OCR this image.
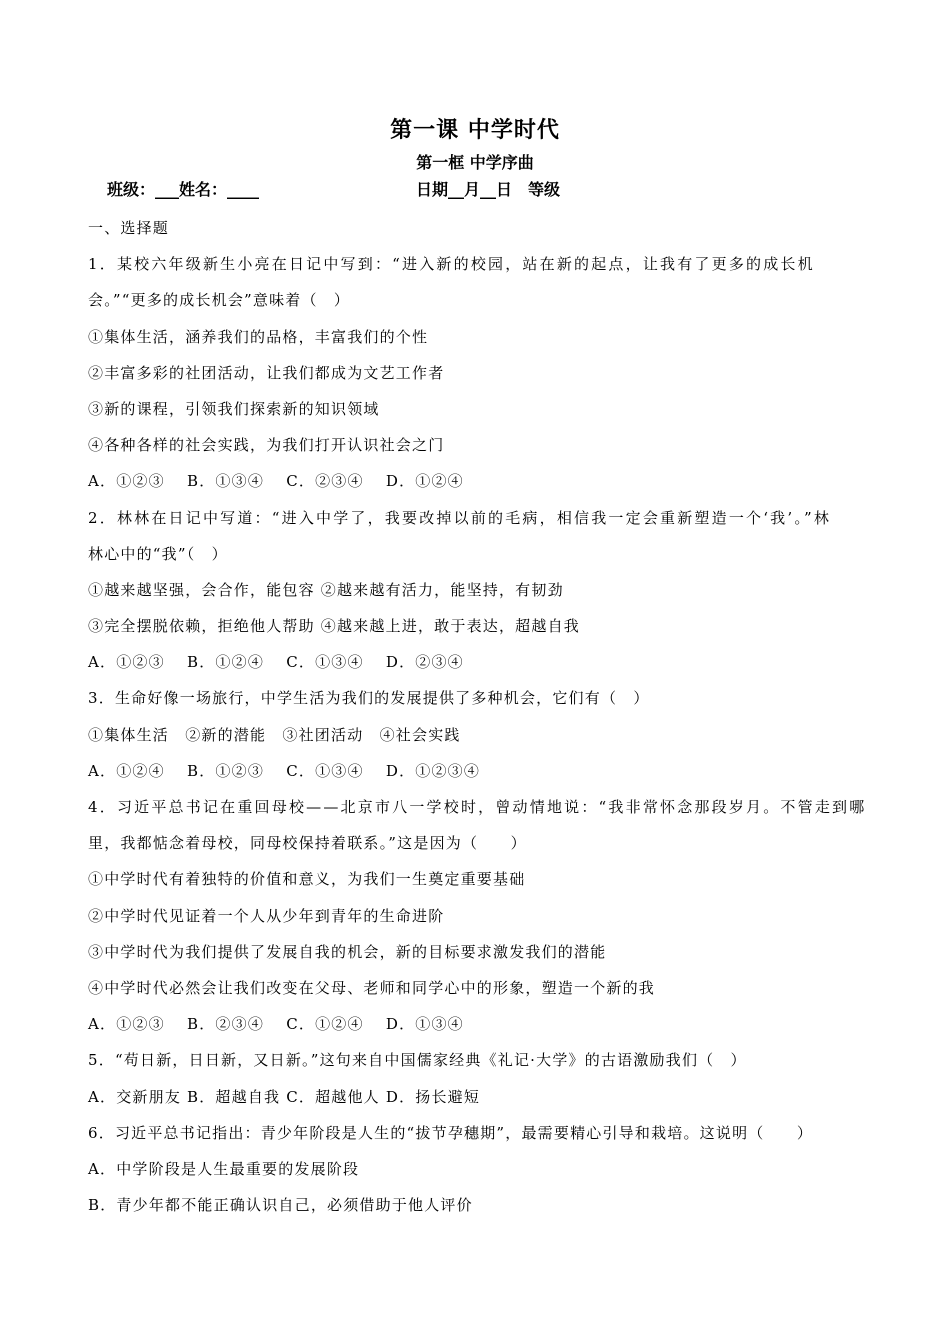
第一课 中学时代
第一框 中学序曲
班级：___姓名：____	日期__月__日　等级
一、选择题
1．某校六年级新生小亮在日记中写到：“进入新的校园，站在新的起点，让我有了更多的成长机
会。”“更多的成长机会”意味着（　）
①集体生活，涵养我们的品格，丰富我们的个性
②丰富多彩的社团活动，让我们都成为文艺工作者
③新的课程，引领我们探索新的知识领域
④各种各样的社会实践，为我们打开认识社会之门
A．①②③　 B．①③④　 C．②③④　 D．①②④
2．林林在日记中写道：“进入中学了，我要改掉以前的毛病，相信我一定会重新塑造一个‘我’。”林
林心中的“我”（　）
①越来越坚强，会合作，能包容 ②越来越有活力，能坚持，有韧劲
③完全摆脱依赖，拒绝他人帮助 ④越来越上进，敢于表达，超越自我
A．①②③　 B．①②④　 C．①③④　 D．②③④
3．生命好像一场旅行，中学生活为我们的发展提供了多种机会，它们有（　）
①集体生活　②新的潜能　③社团活动　④社会实践
A．①②④　 B．①②③　 C．①③④　 D．①②③④
4．习近平总书记在重回母校——北京市八一学校时，曾动情地说：“我非常怀念那段岁月。不管走到哪
里，我都惦念着母校，同母校保持着联系。”这是因为（　　）
①中学时代有着独特的价值和意义，为我们一生奠定重要基础
②中学时代见证着一个人从少年到青年的生命进阶
③中学时代为我们提供了发展自我的机会，新的目标要求激发我们的潜能
④中学时代必然会让我们改变在父母、老师和同学心中的形象，塑造一个新的我
A．①②③　 B．②③④　 C．①②④　 D．①③④
5．“苟日新，日日新，又日新。”这句来自中国儒家经典《礼记·大学》的古语激励我们（　）
A．交新朋友 B．超越自我 C．超越他人 D．扬长避短
6．习近平总书记指出：青少年阶段是人生的“拔节孕穗期”，最需要精心引导和栽培。这说明（　　）
A．中学阶段是人生最重要的发展阶段
B．青少年都不能正确认识自己，必须借助于他人评价
